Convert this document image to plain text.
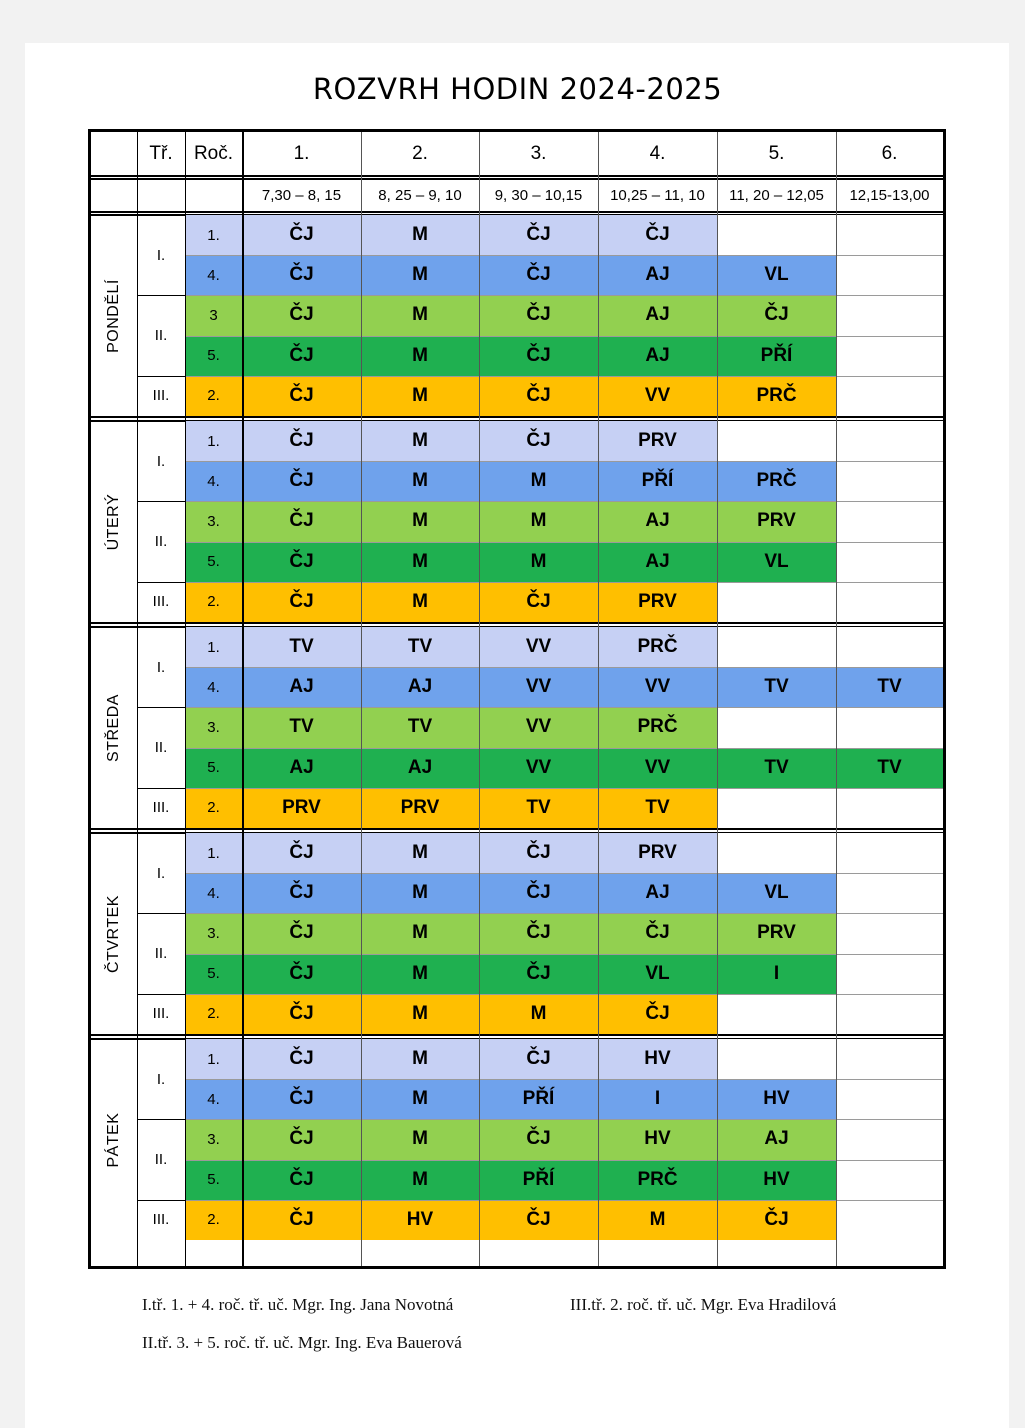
ROZVRH HODIN 2024-2025
Tř.	Roč.	1.	2.	3.	4.	5.	6.
7,30 – 8, 15	8, 25 – 9, 10	9, 30 – 10,15	10,25 – 11, 10	11, 20 – 12,05	12,15-13,00
PONDĚLÍ
I.
II.
III.
1.	ČJ	M	ČJ	ČJ
4.	ČJ	M	ČJ	AJ	VL
3	ČJ	M	ČJ	AJ	ČJ
5.	ČJ	M	ČJ	AJ	PŘÍ
2.	ČJ	M	ČJ	VV	PRČ
ÚTERÝ
I.
II.
III.
1.	ČJ	M	ČJ	PRV
4.	ČJ	M	M	PŘÍ	PRČ
3.	ČJ	M	M	AJ	PRV
5.	ČJ	M	M	AJ	VL
2.	ČJ	M	ČJ	PRV
STŘEDA
I.
II.
III.
1.	TV	TV	VV	PRČ
4.	AJ	AJ	VV	VV	TV	TV
3.	TV	TV	VV	PRČ
5.	AJ	AJ	VV	VV	TV	TV
2.	PRV	PRV	TV	TV
ČTVRTEK
I.
II.
III.
1.	ČJ	M	ČJ	PRV
4.	ČJ	M	ČJ	AJ	VL
3.	ČJ	M	ČJ	ČJ	PRV
5.	ČJ	M	ČJ	VL	I
2.	ČJ	M	M	ČJ
PÁTEK
I.
II.
III.
1.	ČJ	M	ČJ	HV
4.	ČJ	M	PŘÍ	I	HV
3.	ČJ	M	ČJ	HV	AJ
5.	ČJ	M	PŘÍ	PRČ	HV
2.	ČJ	HV	ČJ	M	ČJ
I.tř. 1. + 4. roč. tř. uč. Mgr. Ing. Jana Novotná	III.tř. 2. roč. tř. uč. Mgr. Eva Hradilová
II.tř. 3. + 5. roč. tř. uč. Mgr. Ing. Eva Bauerová
